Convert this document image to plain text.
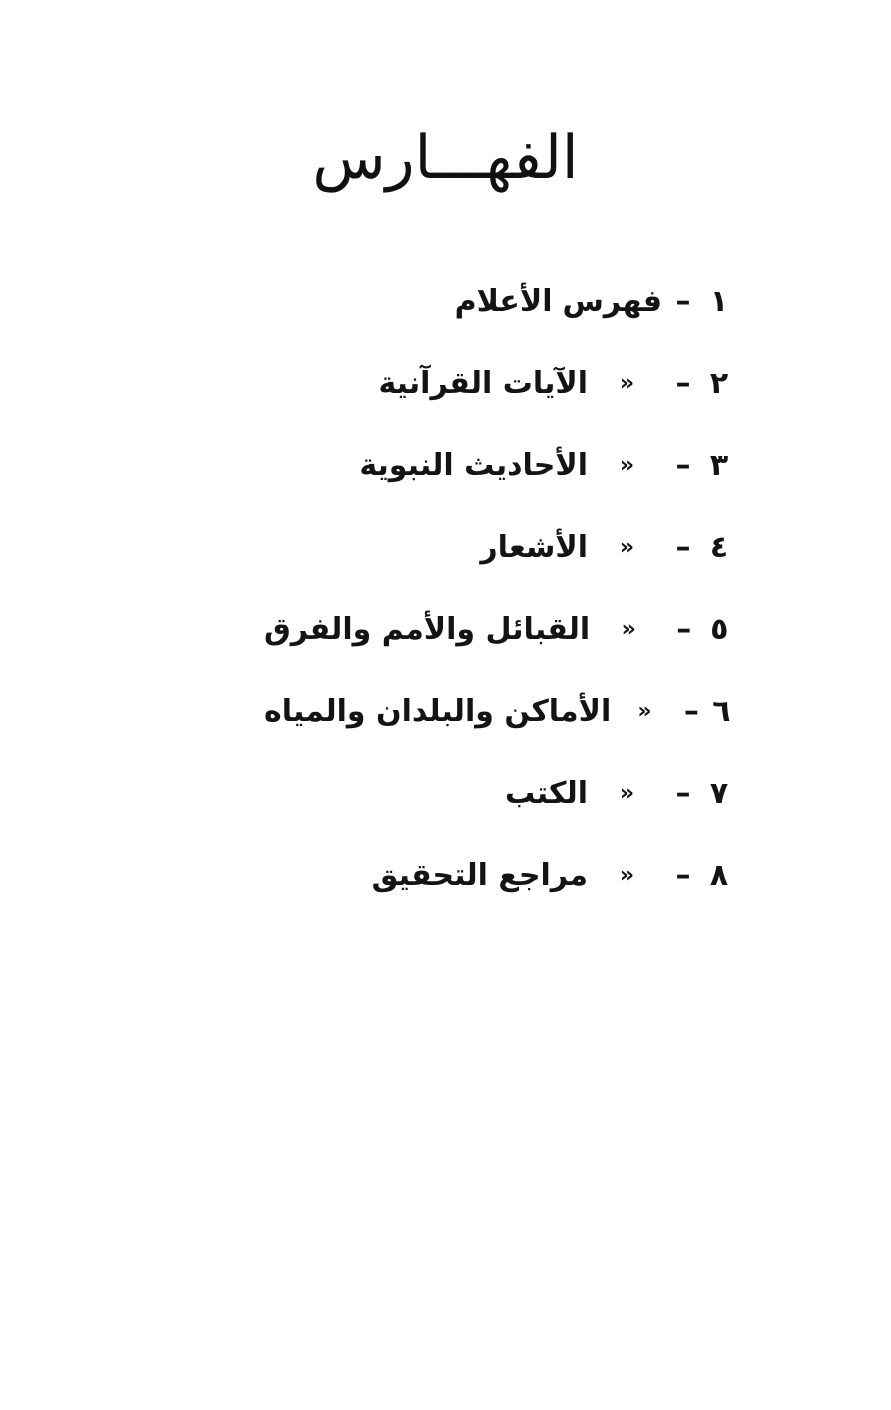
الفهـــارس
١
–
فهرس
الأعلام
٢
–
«
الآيات القرآنية
٣
–
«
الأحاديث النبوية
٤
–
«
الأشعار
٥
–
«
القبائل والأمم والفرق
٦
–
«
الأماكن والبلدان والمياه
٧
–
«
الكتب
٨
–
«
مراجع التحقيق
